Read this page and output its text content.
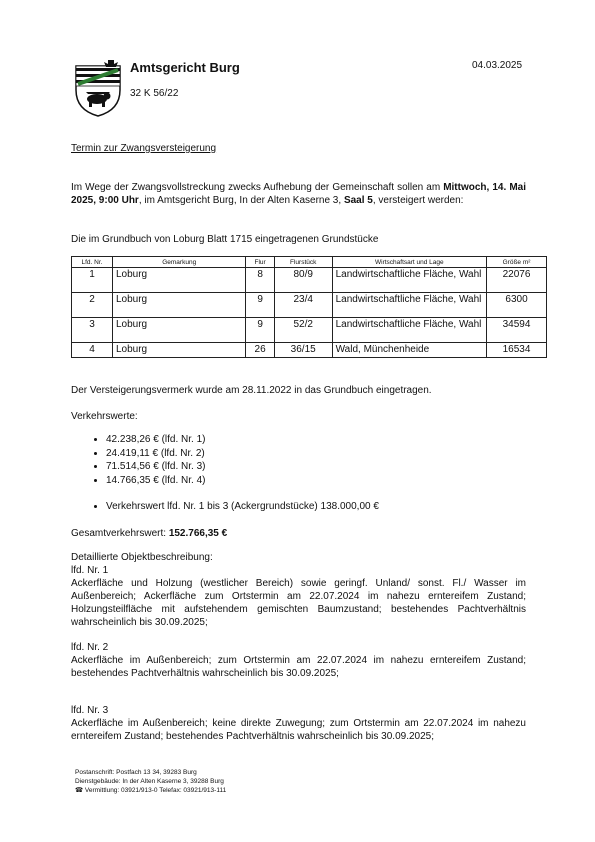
Amtsgericht Burg
32 K 56/22
04.03.2025
Termin zur Zwangsversteigerung
Im Wege der Zwangsvollstreckung zwecks Aufhebung der Gemeinschaft sollen am Mittwoch, 14. Mai 2025, 9:00 Uhr, im Amtsgericht Burg, In der Alten Kaserne 3, Saal 5, versteigert werden:
Die im Grundbuch von Loburg Blatt 1715 eingetragenen Grundstücke
Lfd. Nr.	Gemarkung	Flur	Flurstück	Wirtschaftsart und Lage	Größe m²
1	Loburg	8	80/9	Landwirtschaftliche Fläche, Wahl	22076
2	Loburg	9	23/4	Landwirtschaftliche Fläche, Wahl	6300
3	Loburg	9	52/2	Landwirtschaftliche Fläche, Wahl	34594
4	Loburg	26	36/15	Wald, Münchenheide	16534
Der Versteigerungsvermerk wurde am 28.11.2022 in das Grundbuch eingetragen.
Verkehrswerte:
• 42.238,26 € (lfd. Nr. 1)
• 24.419,11 € (lfd. Nr. 2)
• 71.514,56 € (lfd. Nr. 3)
• 14.766,35 € (lfd. Nr. 4)
• Verkehrswert lfd. Nr. 1 bis 3 (Ackergrundstücke) 138.000,00 €
Gesamtverkehrswert: 152.766,35 €
Detaillierte Objektbeschreibung:
lfd. Nr. 1
Ackerfläche und Holzung (westlicher Bereich) sowie geringf. Unland/ sonst. Fl./ Wasser im Außenbereich; Ackerfläche zum Ortstermin am 22.07.2024 im nahezu erntereifem Zustand; Holzungsteilfläche mit aufstehendem gemischten Baumzustand; bestehendes Pachtverhältnis wahrscheinlich bis 30.09.2025;
lfd. Nr. 2
Ackerfläche im Außenbereich; zum Ortstermin am 22.07.2024 im nahezu erntereifem Zustand; bestehendes Pachtverhältnis wahrscheinlich bis 30.09.2025;
lfd. Nr. 3
Ackerfläche im Außenbereich; keine direkte Zuwegung; zum Ortstermin am 22.07.2024 im nahezu erntereifem Zustand; bestehendes Pachtverhältnis wahrscheinlich bis 30.09.2025;
Postanschrift: Postfach 13 34, 39283 Burg
Dienstgebäude: In der Alten Kaserne 3, 39288 Burg
☎ Vermittlung: 03921/913-0 Telefax: 03921/913-111
